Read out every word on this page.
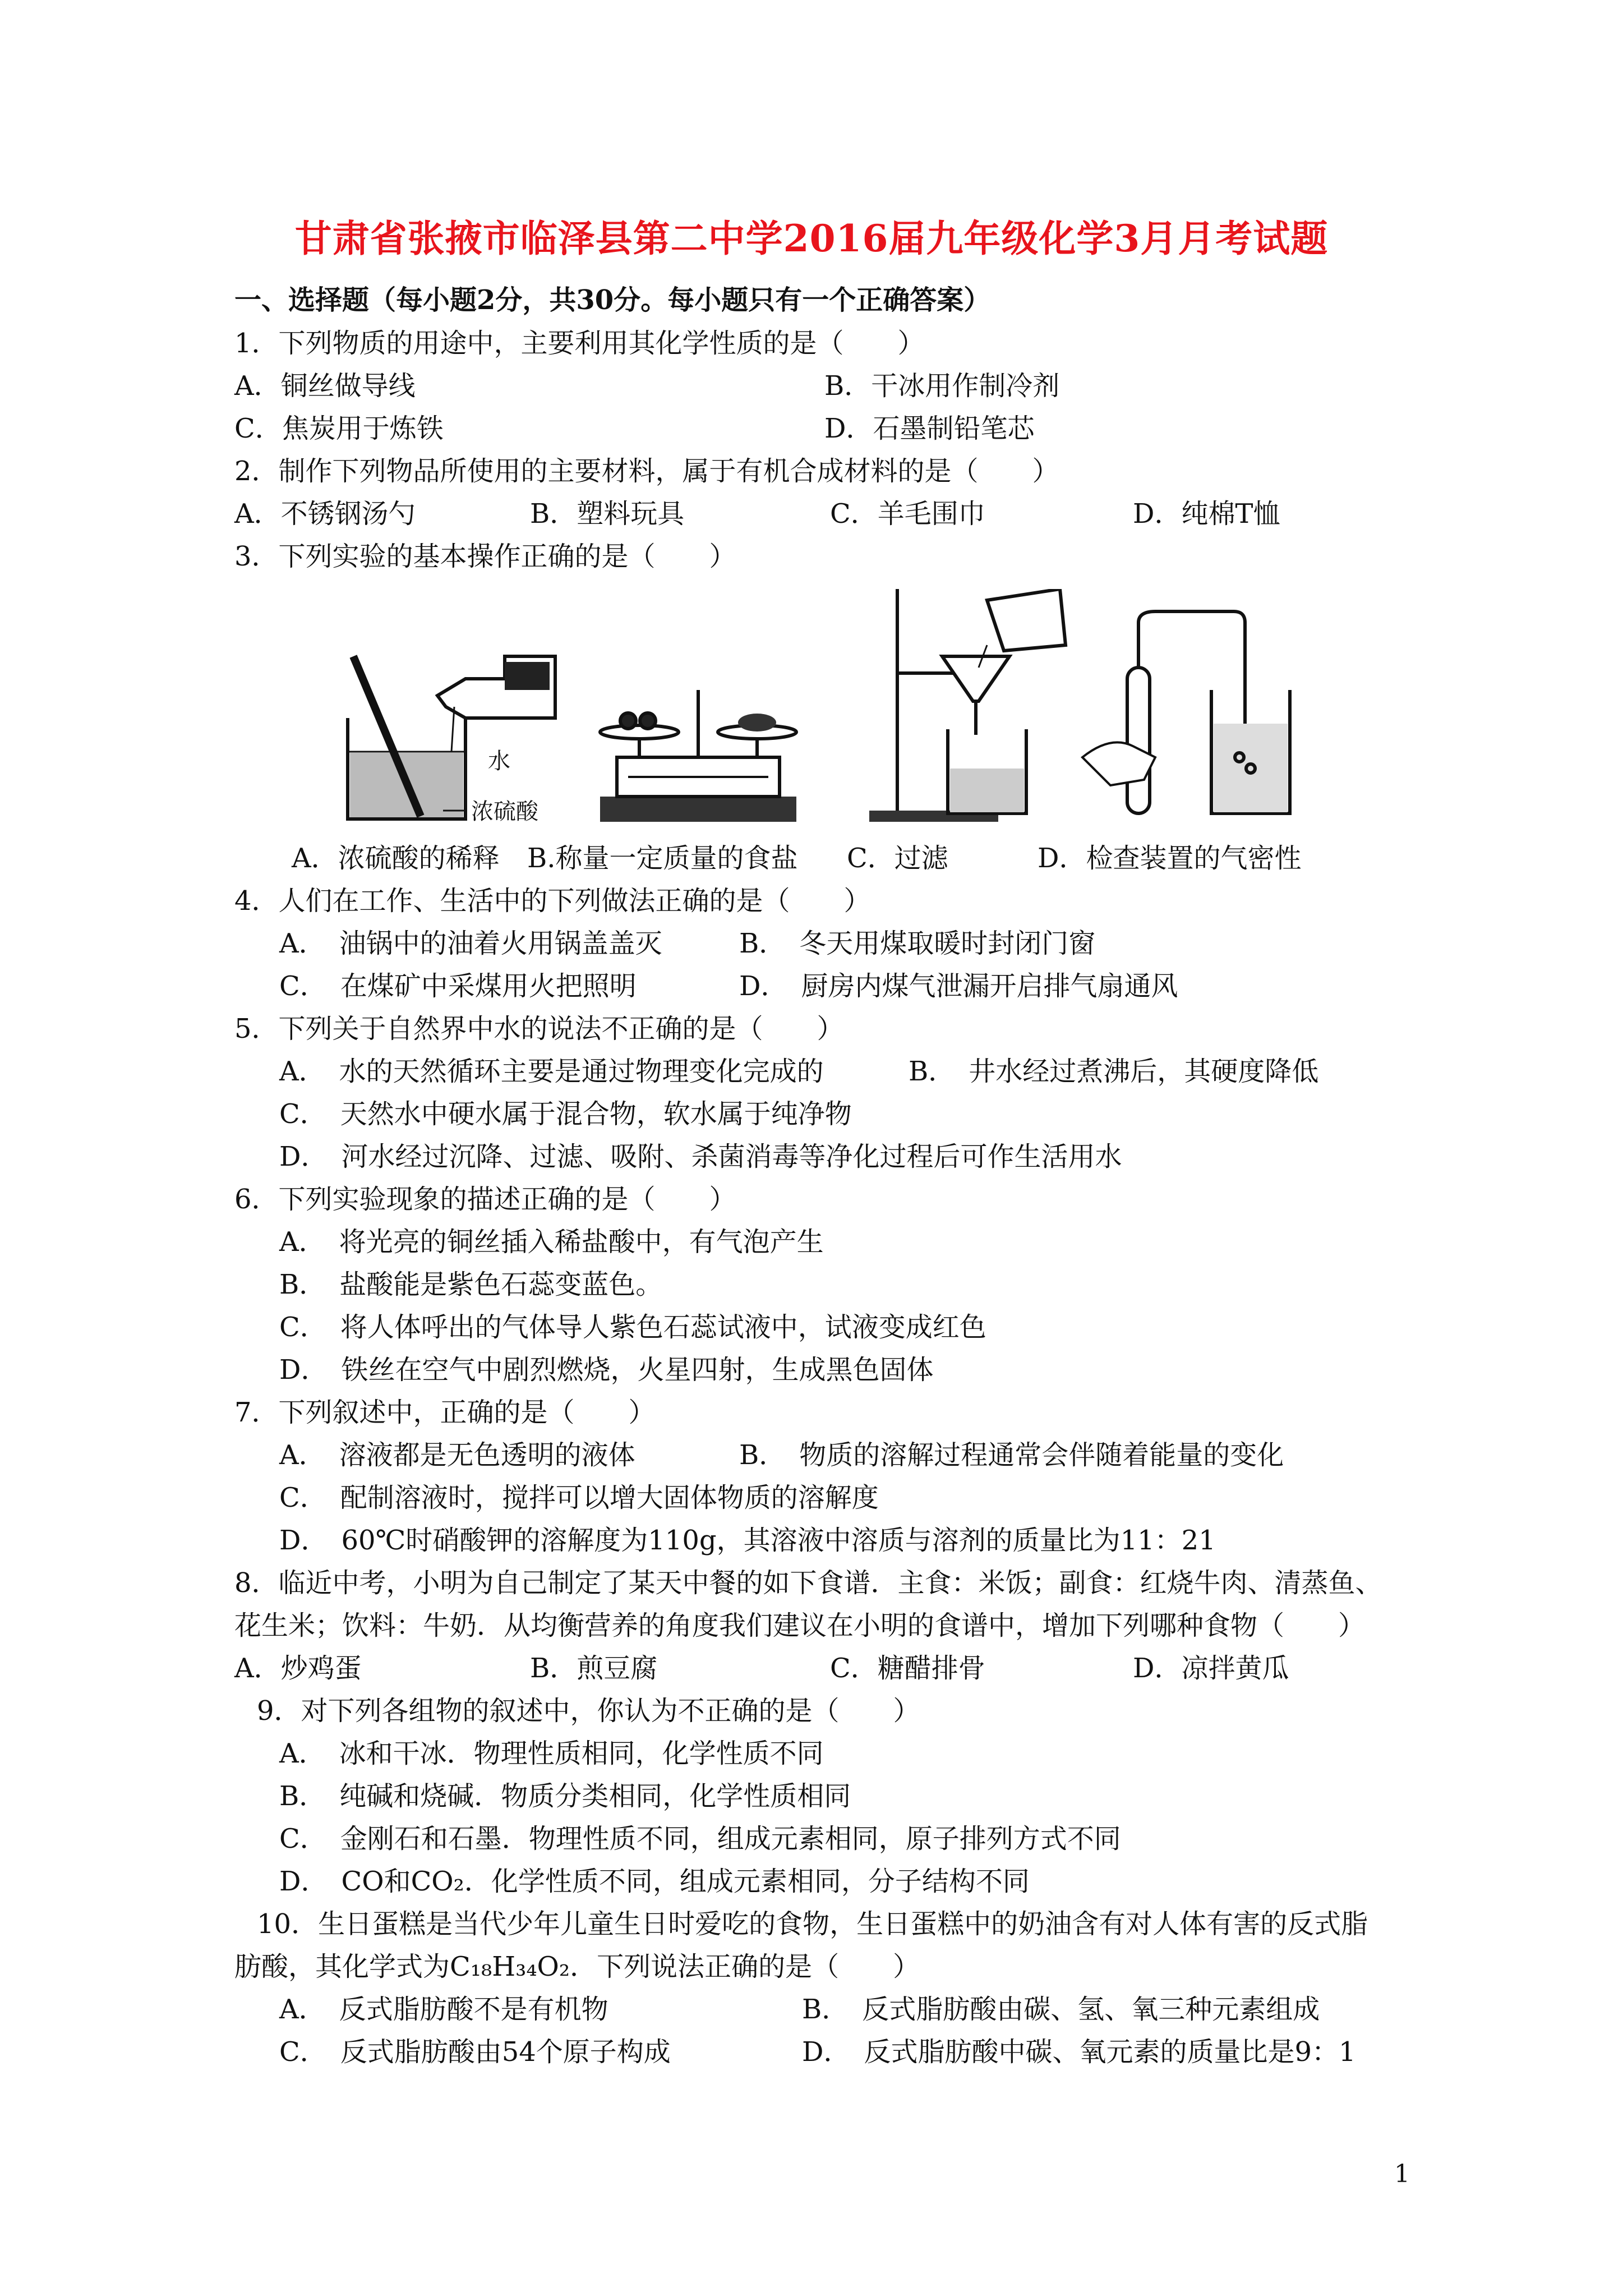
甘肃省张掖市临泽县第二中学2016届九年级化学3月月考试题
一、选择题（每小题2分，共30分。每小题只有一个正确答案）
1．下列物质的用途中，主要利用其化学性质的是（　　）
A．铜丝做导线	B．干冰用作制冷剂
C．焦炭用于炼铁	D．石墨制铅笔芯
2．制作下列物品所使用的主要材料，属于有机合成材料的是（　　）
A．不锈钢汤勺	B．塑料玩具	C．羊毛围巾	D．纯棉T恤
3．下列实验的基本操作正确的是（　　）
水
浓硫酸
A．浓硫酸的稀释 B.称量一定质量的食盐 C．过滤	D．检查装置的气密性
4．人们在工作、生活中的下列做法正确的是（　　）
A．　油锅中的油着火用锅盖盖灭	B．　冬天用煤取暖时封闭门窗
C．　在煤矿中采煤用火把照明	D．　厨房内煤气泄漏开启排气扇通风
5．下列关于自然界中水的说法不正确的是（　　）
A．　水的天然循环主要是通过物理变化完成的	B．　井水经过煮沸后，其硬度降低
C．　天然水中硬水属于混合物，软水属于纯净物
D．　河水经过沉降、过滤、吸附、杀菌消毒等净化过程后可作生活用水
6．下列实验现象的描述正确的是（　　）
A．　将光亮的铜丝插入稀盐酸中，有气泡产生
B．　盐酸能是紫色石蕊变蓝色。
C．　将人体呼出的气体导人紫色石蕊试液中，试液变成红色
D．　铁丝在空气中剧烈燃烧，火星四射，生成黑色固体
7．下列叙述中，正确的是（　　）
A．　溶液都是无色透明的液体	B．　物质的溶解过程通常会伴随着能量的变化
C．　配制溶液时，搅拌可以增大固体物质的溶解度
D．　60℃时硝酸钾的溶解度为110g，其溶液中溶质与溶剂的质量比为11：21
8．临近中考，小明为自己制定了某天中餐的如下食谱．主食：米饭；副食：红烧牛肉、清蒸鱼、
花生米；饮料：牛奶．从均衡营养的角度我们建议在小明的食谱中，增加下列哪种食物（　　）
A．炒鸡蛋	B．煎豆腐	C．糖醋排骨	D．凉拌黄瓜
9．对下列各组物的叙述中，你认为不正确的是（　　）
A．　冰和干冰．物理性质相同，化学性质不同
B．　纯碱和烧碱．物质分类相同，化学性质相同
C．　金刚石和石墨．物理性质不同，组成元素相同，原子排列方式不同
D．　CO和CO₂．化学性质不同，组成元素相同，分子结构不同
10．生日蛋糕是当代少年儿童生日时爱吃的食物，生日蛋糕中的奶油含有对人体有害的反式脂
肪酸，其化学式为C₁₈H₃₄O₂．下列说法正确的是（　　）
A．　反式脂肪酸不是有机物	B．　反式脂肪酸由碳、氢、氧三种元素组成
C．　反式脂肪酸由54个原子构成	D．　反式脂肪酸中碳、氧元素的质量比是9：1
1
